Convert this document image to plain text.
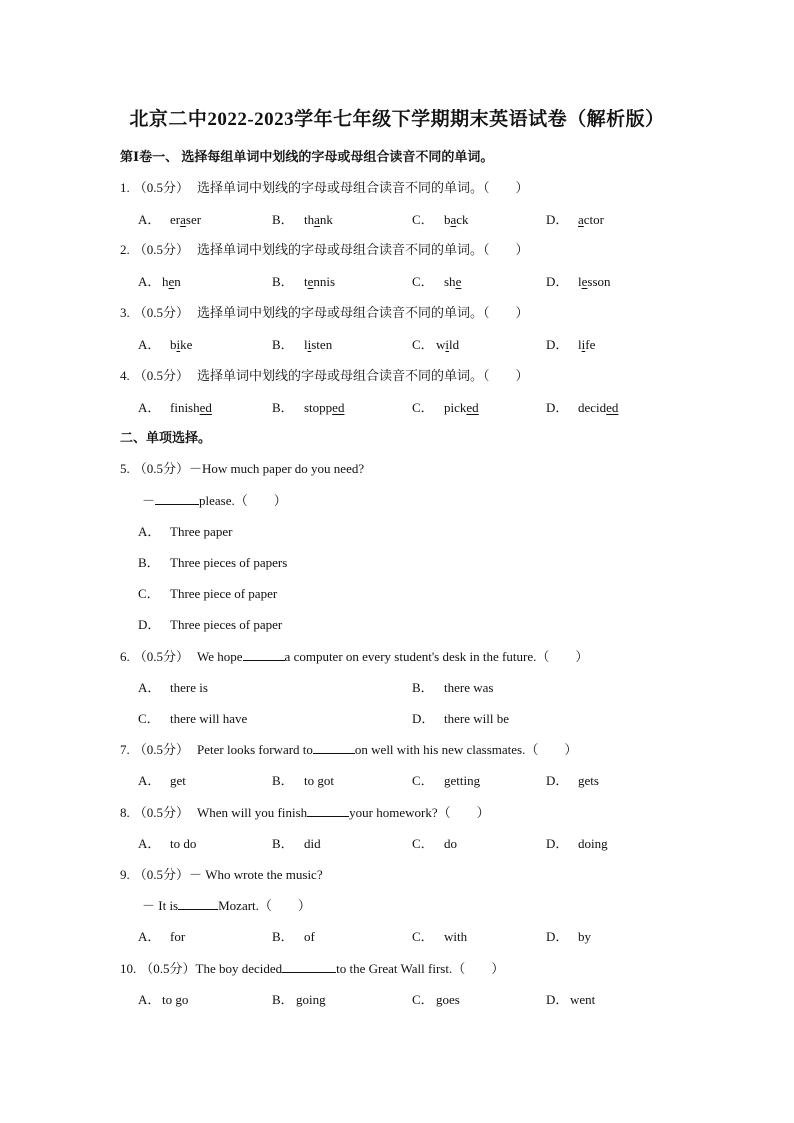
北京二中2022-2023学年七年级下学期期末英语试卷（解析版）
第Ⅰ卷一、 选择每组单词中划线的字母或母组合读音不同的单词。
1. （0.5分） 选择单词中划线的字母或母组合读音不同的单词。（　　）
A． eraser	B． thank	C． back	D． actor
2. （0.5分） 选择单词中划线的字母或母组合读音不同的单词。（　　）
A． hen	B． tennis	C． she	D． lesson
3. （0.5分） 选择单词中划线的字母或母组合读音不同的单词。（　　）
A． bike	B． listen	C． wild	D． life
4. （0.5分） 选择单词中划线的字母或母组合读音不同的单词。（　　）
A． finished	B． stopped	C． picked	D． decided
二、单项选择。
5. （0.5分）－How much paper do you need?
－	please.（　　）
A． Three paper
B． Three pieces of papers
C． Three piece of paper
D． Three pieces of paper
6. （0.5分） We hope	a computer on every student's desk in the future.（　　）
A． there is	B． there was
C． there will have	D． there will be
7. （0.5分） Peter looks forward to	on well with his new classmates.（　　）
A． get	B． to got	C． getting	D． gets
8. （0.5分） When will you finish	your homework?（　　）
A． to do	B． did	C． do	D． doing
9. （0.5分）－ Who wrote the music?
－ It is	Mozart.（　　）
A． for	B． of	C． with	D． by
10. （0.5分）The boy decided	to the Great Wall first.（　　）
A． to go	B． going	C． goes	D． went
